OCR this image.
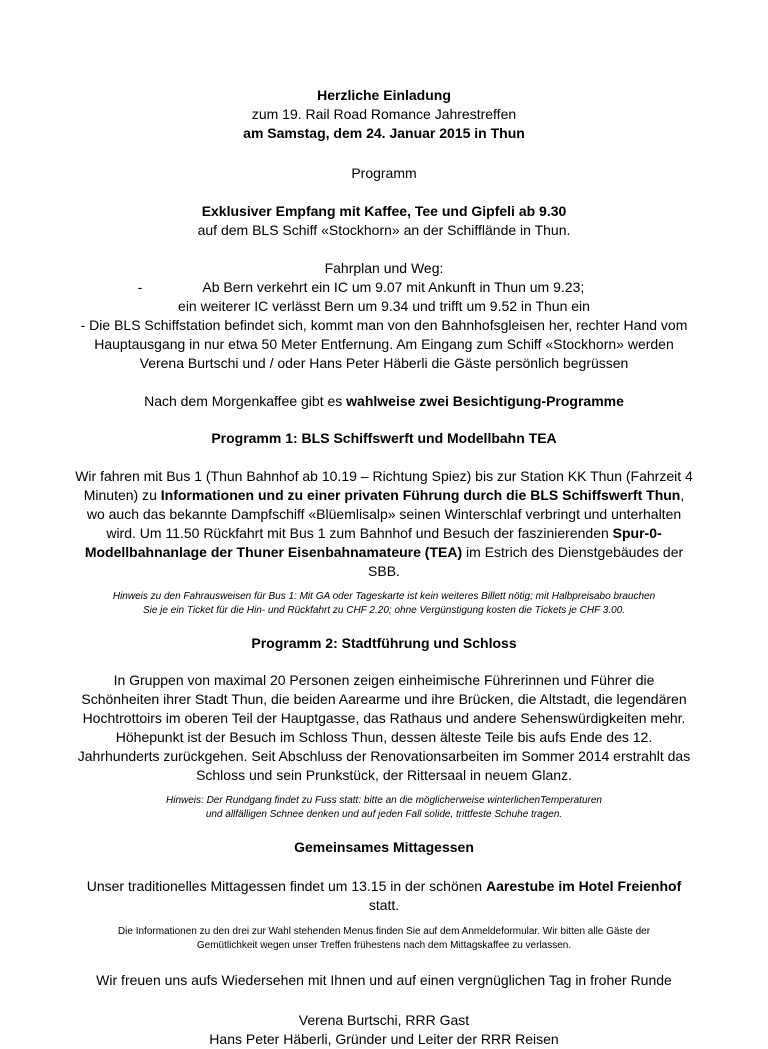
Herzliche Einladung

zum 19. Rail Road Romance Jahrestreffen

am Samstag, dem 24. Januar 2015 in Thun

Programm

Exklusiver Empfang mit Kaffee, Tee und Gipfeli ab 9.30

auf dem BLS Schiff «Stockhorn» an der Schifflände in Thun.

Fahrplan und Weg:

-	Ab Bern verkehrt ein IC um 9.07 mit Ankunft in Thun um 9.23;

ein weiterer IC verlässt Bern um 9.34 und trifft um 9.52 in Thun ein

- Die BLS Schiffstation befindet sich, kommt man von den Bahnhofsgleisen her, rechter Hand vom Hauptausgang in nur etwa 50 Meter Entfernung. Am Eingang zum Schiff «Stockhorn» werden Verena Burtschi und / oder Hans Peter Häberli die Gäste persönlich begrüssen

Nach dem Morgenkaffee gibt es wahlweise zwei Besichtigung-Programme

Programm 1: BLS Schiffswerft und Modellbahn TEA

Wir fahren mit Bus 1 (Thun Bahnhof ab 10.19 – Richtung Spiez) bis zur Station KK Thun (Fahrzeit 4 Minuten) zu Informationen und zu einer privaten Führung durch die BLS Schiffswerft Thun, wo auch das bekannte Dampfschiff «Blüemlisalp» seinen Winterschlaf verbringt und unterhalten wird. Um 11.50 Rückfahrt mit Bus 1 zum Bahnhof und Besuch der faszinierenden Spur-0-Modellbahnanlage der Thuner Eisenbahnamateure (TEA) im Estrich des Dienstgebäudes der SBB.

Hinweis zu den Fahrausweisen für Bus 1: Mit GA oder Tageskarte ist kein weiteres Billett nötig; mit Halbpreisabo brauchen

Sie je ein Ticket für die Hin- und Rückfahrt zu CHF 2.20; ohne Vergünstigung kosten die Tickets je CHF 3.00.

Programm 2: Stadtführung und Schloss

In Gruppen von maximal 20 Personen zeigen einheimische Führerinnen und Führer die Schönheiten ihrer Stadt Thun, die beiden Aarearme und ihre Brücken, die Altstadt, die legendären Hochtrottoirs im oberen Teil der Hauptgasse, das Rathaus und andere Sehenswürdigkeiten mehr. Höhepunkt ist der Besuch im Schloss Thun, dessen älteste Teile bis aufs Ende des 12. Jahrhunderts zurückgehen. Seit Abschluss der Renovationsarbeiten im Sommer 2014 erstrahlt das Schloss und sein Prunkstück, der Rittersaal in neuem Glanz.

Hinweis: Der Rundgang findet zu Fuss statt: bitte an die möglicherweise winterlichenTemperaturen

und allfälligen Schnee denken und auf jeden Fall solide, trittfeste Schuhe tragen.

Gemeinsames Mittagessen

Unser traditionelles Mittagessen findet um 13.15 in der schönen Aarestube im Hotel Freienhof statt.

Die Informationen zu den drei zur Wahl stehenden Menus finden Sie auf dem Anmeldeformular. Wir bitten alle Gäste der Gemütlichkeit wegen unser Treffen frühestens nach dem Mittagskaffee zu verlassen.

Wir freuen uns aufs Wiedersehen mit Ihnen und auf einen vergnüglichen Tag in froher Runde

Verena Burtschi, RRR Gast

Hans Peter Häberli, Gründer und Leiter der RRR Reisen
